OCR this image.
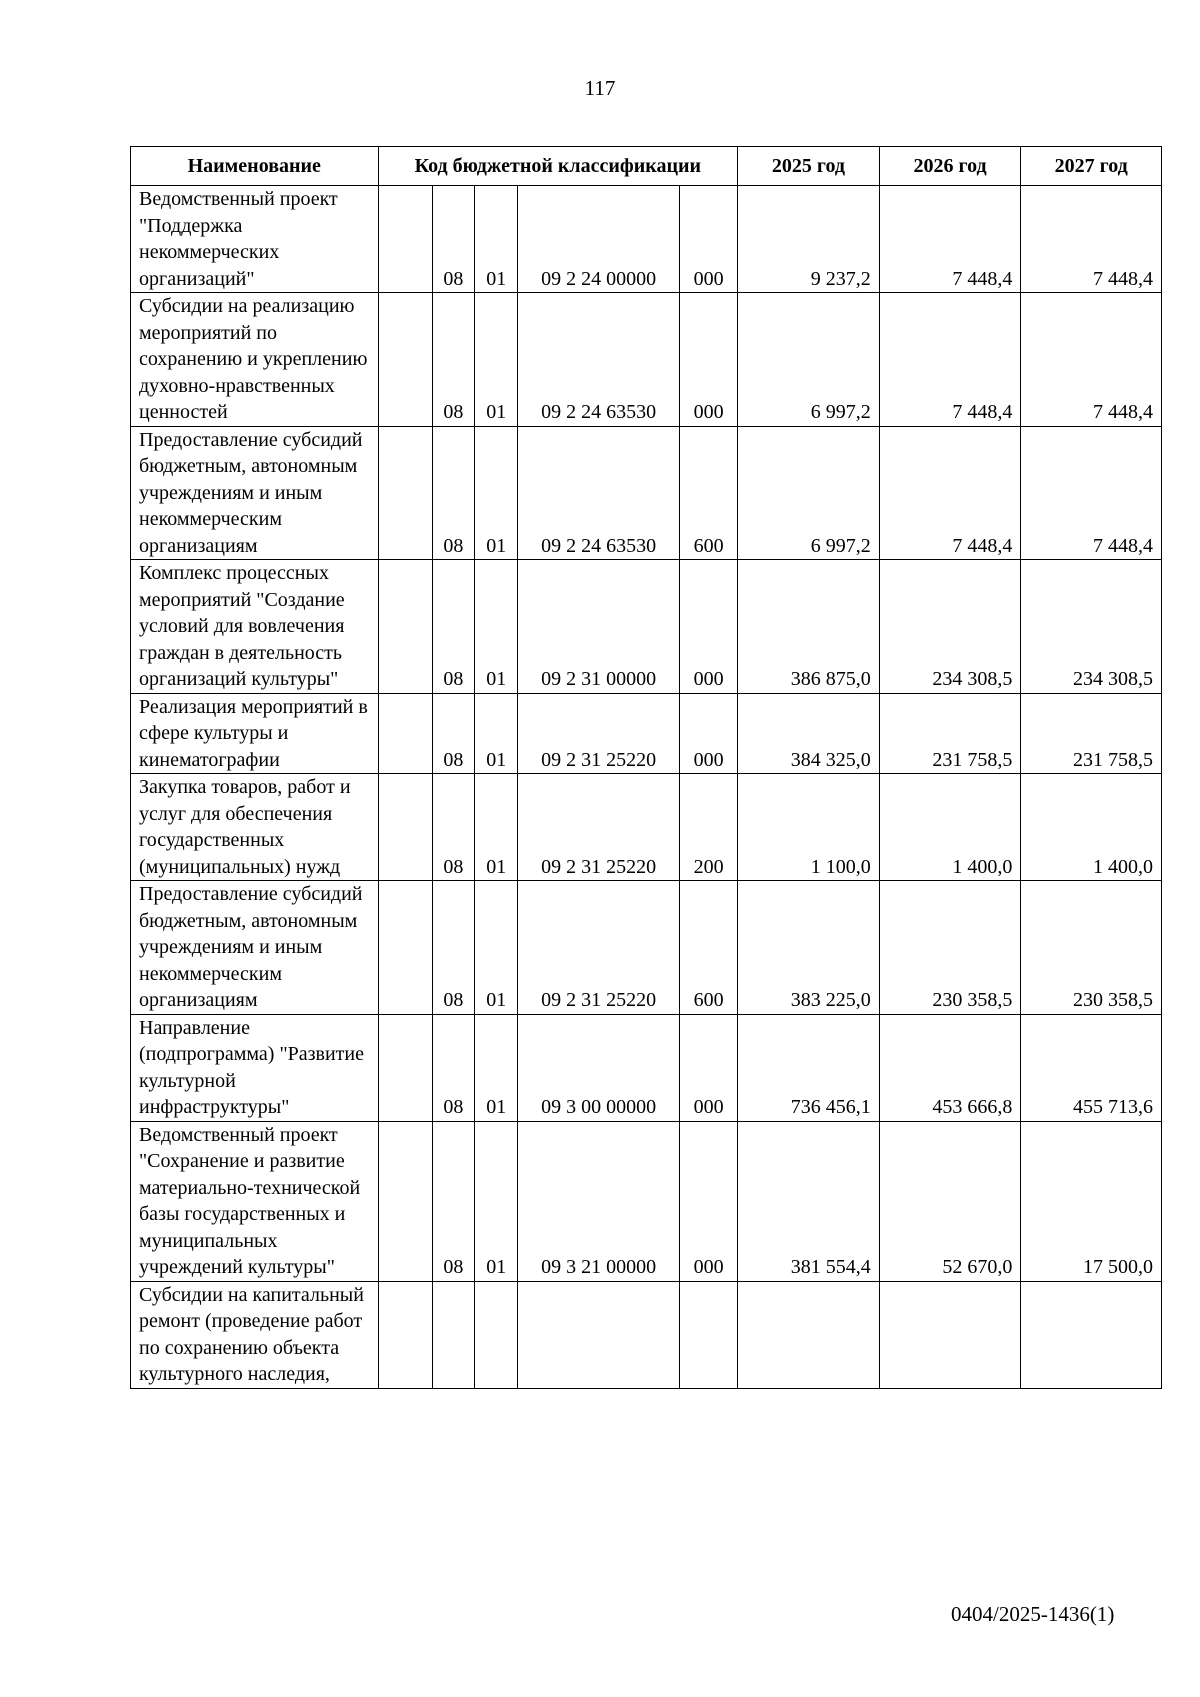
117
Наименование	Код бюджетной классификации					2025 год	2026 год	2027 год
Ведомственный проект "Поддержка некоммерческих организаций"		08	01	09 2 24 00000	000	9 237,2	7 448,4	7 448,4
Субсидии на реализацию мероприятий по сохранению и укреплению духовно-нравственных ценностей		08	01	09 2 24 63530	000	6 997,2	7 448,4	7 448,4
Предоставление субсидий бюджетным, автономным учреждениям и иным некоммерческим организациям		08	01	09 2 24 63530	600	6 997,2	7 448,4	7 448,4
Комплекс процессных мероприятий "Создание условий для вовлечения граждан в деятельность организаций культуры"		08	01	09 2 31 00000	000	386 875,0	234 308,5	234 308,5
Реализация мероприятий в сфере культуры и кинематографии		08	01	09 2 31 25220	000	384 325,0	231 758,5	231 758,5
Закупка товаров, работ и услуг для обеспечения государственных (муниципальных) нужд		08	01	09 2 31 25220	200	1 100,0	1 400,0	1 400,0
Предоставление субсидий бюджетным, автономным учреждениям и иным некоммерческим организациям		08	01	09 2 31 25220	600	383 225,0	230 358,5	230 358,5
Направление (подпрограмма) "Развитие культурной инфраструктуры"		08	01	09 3 00 00000	000	736 456,1	453 666,8	455 713,6
Ведомственный проект "Сохранение и развитие материально-технической базы государственных и муниципальных учреждений культуры"		08	01	09 3 21 00000	000	381 554,4	52 670,0	17 500,0
Субсидии на капитальный ремонт (проведение работ по сохранению объекта культурного наследия,								
0404/2025-1436(1)
